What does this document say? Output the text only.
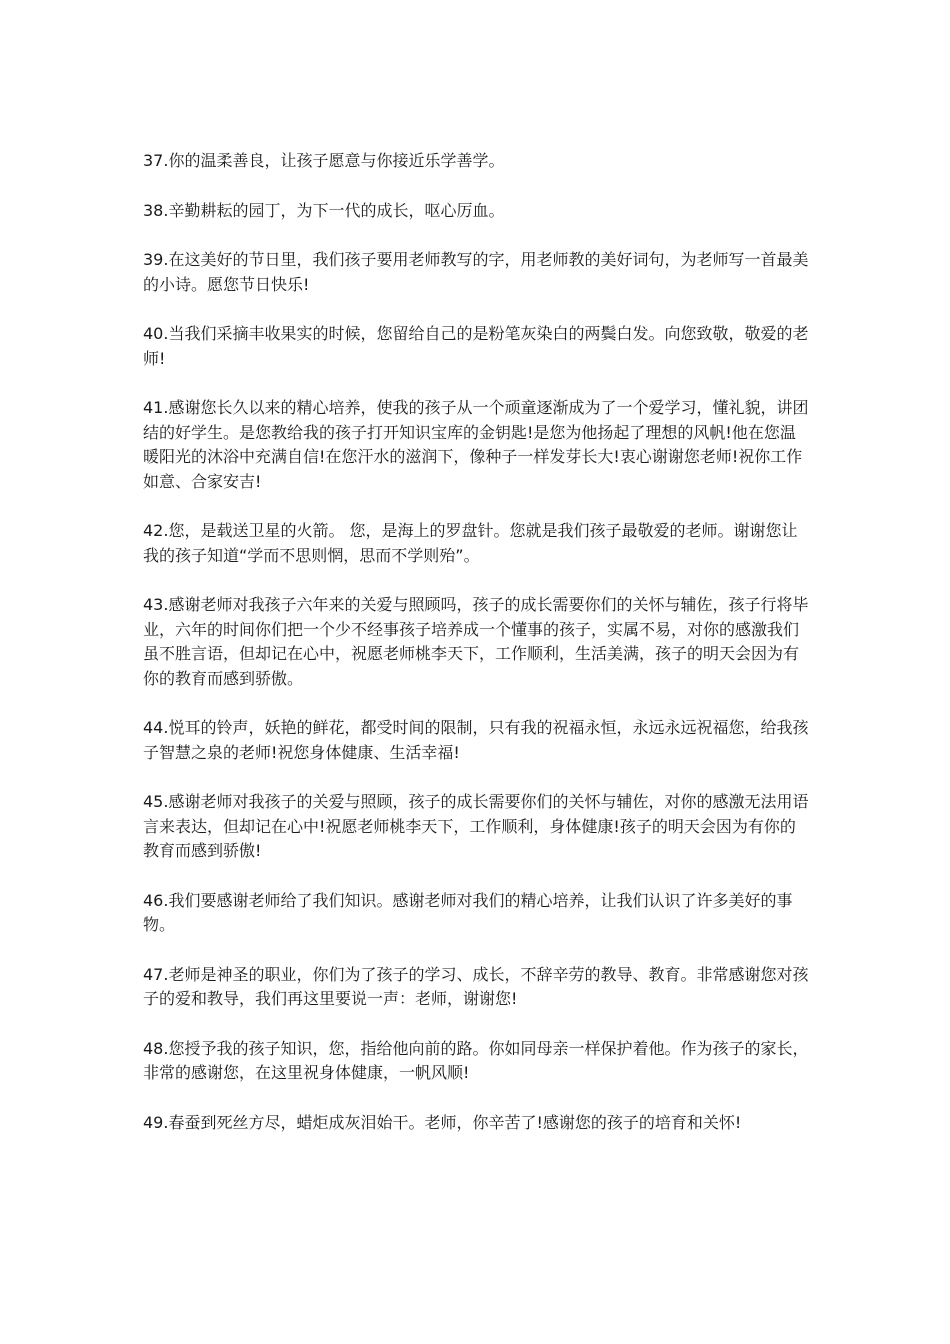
37.你的温柔善良，让孩子愿意与你接近乐学善学。

38.辛勤耕耘的园丁，为下一代的成长，呕心厉血。

39.在这美好的节日里，我们孩子要用老师教写的字，用老师教的美好词句，为老师写一首最美的小诗。愿您节日快乐!

40.当我们采摘丰收果实的时候，您留给自己的是粉笔灰染白的两鬓白发。向您致敬，敬爱的老师!

41.感谢您长久以来的精心培养，使我的孩子从一个顽童逐渐成为了一个爱学习，懂礼貌，讲团结的好学生。是您教给我的孩子打开知识宝库的金钥匙!是您为他扬起了理想的风帆!他在您温暖阳光的沐浴中充满自信!在您汗水的滋润下，像种子一样发芽长大!衷心谢谢您老师!祝你工作如意、合家安吉!

42.您，是载送卫星的火箭。 您，是海上的罗盘针。您就是我们孩子最敬爱的老师。谢谢您让我的孩子知道“学而不思则惘，思而不学则殆”。

43.感谢老师对我孩子六年来的关爱与照顾吗，孩子的成长需要你们的关怀与辅佐，孩子行将毕业，六年的时间你们把一个少不经事孩子培养成一个懂事的孩子，实属不易，对你的感激我们虽不胜言语，但却记在心中，祝愿老师桃李天下，工作顺利，生活美满，孩子的明天会因为有你的教育而感到骄傲。

44.悦耳的铃声，妖艳的鲜花，都受时间的限制，只有我的祝福永恒，永远永远祝福您，给我孩子智慧之泉的老师!祝您身体健康、生活幸福!

45.感谢老师对我孩子的关爱与照顾，孩子的成长需要你们的关怀与辅佐，对你的感激无法用语言来表达，但却记在心中!祝愿老师桃李天下，工作顺利，身体健康!孩子的明天会因为有你的教育而感到骄傲!

46.我们要感谢老师给了我们知识。感谢老师对我们的精心培养，让我们认识了许多美好的事物。

47.老师是神圣的职业，你们为了孩子的学习、成长，不辞辛劳的教导、教育。非常感谢您对孩子的爱和教导，我们再这里要说一声：老师，谢谢您!

48.您授予我的孩子知识，您，指给他向前的路。你如同母亲一样保护着他。作为孩子的家长，非常的感谢您，在这里祝身体健康，一帆风顺!

49.春蚕到死丝方尽，蜡炬成灰泪始干。老师，你辛苦了!感谢您的孩子的培育和关怀!
